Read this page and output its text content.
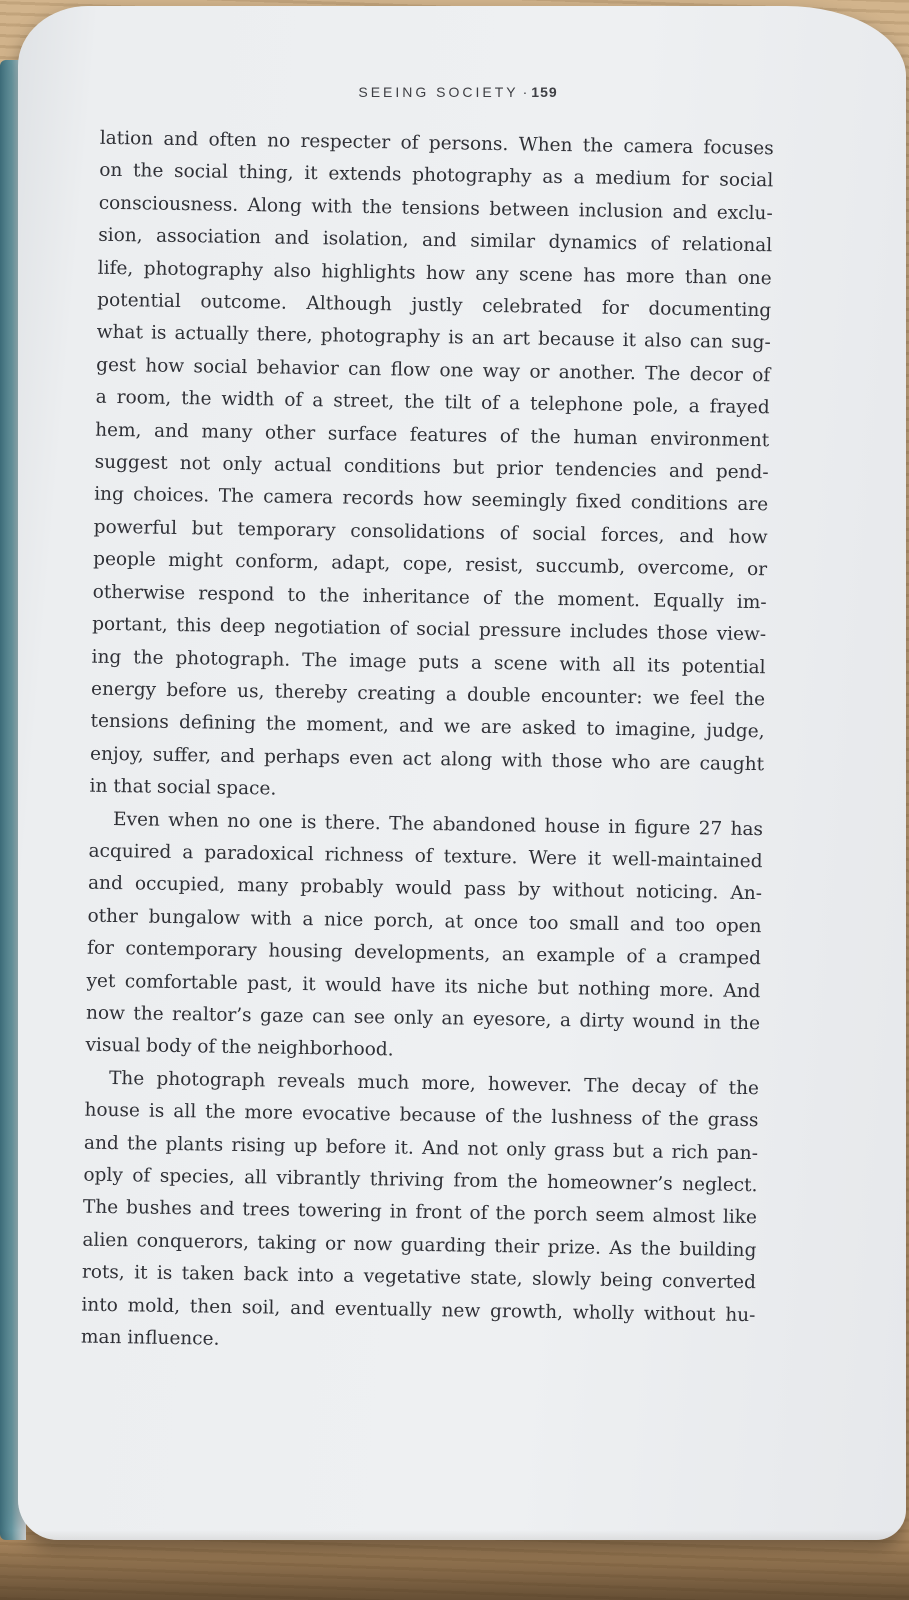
SEEING SOCIETY · 159
lation and often no respecter of persons. When the camera focuses
on the social thing, it extends photography as a medium for social
consciousness. Along with the tensions between inclusion and exclu-
sion, association and isolation, and similar dynamics of relational
life, photography also highlights how any scene has more than one
potential outcome. Although justly celebrated for documenting
what is actually there, photography is an art because it also can sug-
gest how social behavior can flow one way or another. The decor of
a room, the width of a street, the tilt of a telephone pole, a frayed
hem, and many other surface features of the human environment
suggest not only actual conditions but prior tendencies and pend-
ing choices. The camera records how seemingly fixed conditions are
powerful but temporary consolidations of social forces, and how
people might conform, adapt, cope, resist, succumb, overcome, or
otherwise respond to the inheritance of the moment. Equally im-
portant, this deep negotiation of social pressure includes those view-
ing the photograph. The image puts a scene with all its potential
energy before us, thereby creating a double encounter: we feel the
tensions defining the moment, and we are asked to imagine, judge,
enjoy, suffer, and perhaps even act along with those who are caught
in that social space.
Even when no one is there. The abandoned house in figure 27 has
acquired a paradoxical richness of texture. Were it well-maintained
and occupied, many probably would pass by without noticing. An-
other bungalow with a nice porch, at once too small and too open
for contemporary housing developments, an example of a cramped
yet comfortable past, it would have its niche but nothing more. And
now the realtor’s gaze can see only an eyesore, a dirty wound in the
visual body of the neighborhood.
The photograph reveals much more, however. The decay of the
house is all the more evocative because of the lushness of the grass
and the plants rising up before it. And not only grass but a rich pan-
oply of species, all vibrantly thriving from the homeowner’s neglect.
The bushes and trees towering in front of the porch seem almost like
alien conquerors, taking or now guarding their prize. As the building
rots, it is taken back into a vegetative state, slowly being converted
into mold, then soil, and eventually new growth, wholly without hu-
man influence.
